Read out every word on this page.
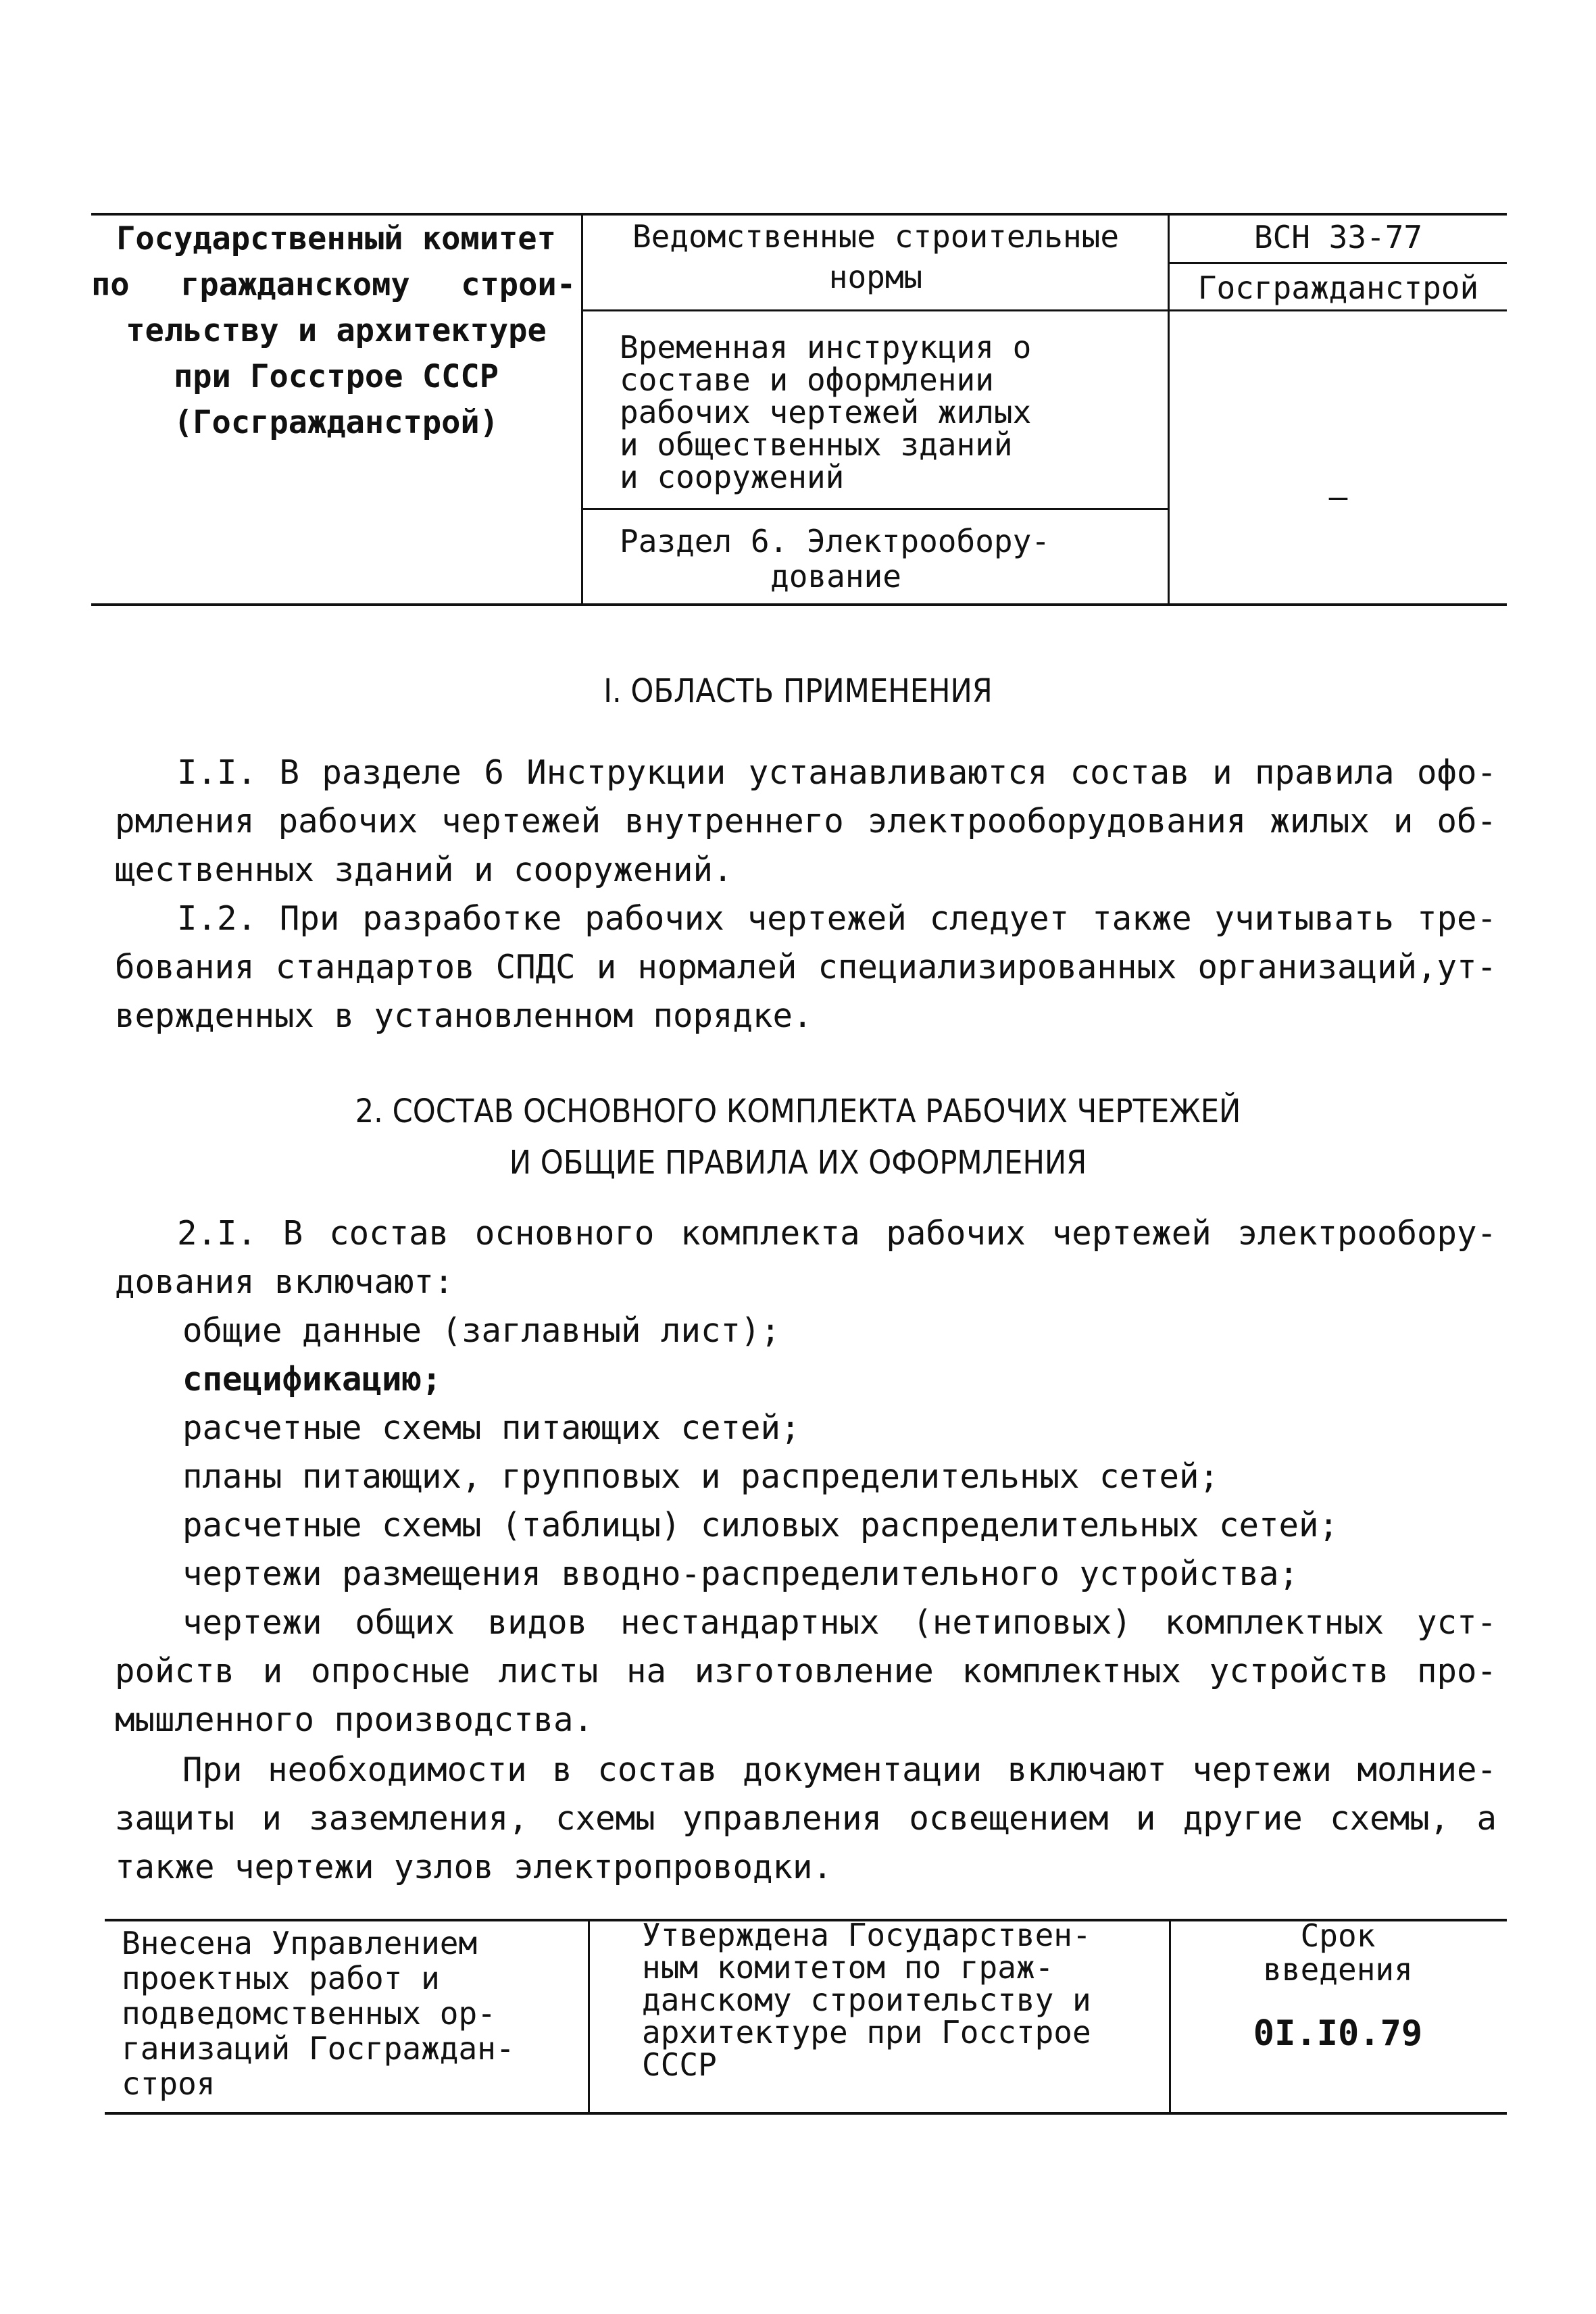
Государственный комитет
по гражданскому строи-
тельству и архитектуре
при Госстрое СССР
(Госгражданстрой)
Ведомственные строительные
нормы
ВСН 33-77
Госгражданстрой
Временная инструкция о
составе и оформлении
рабочих чертежей жилых
и общественных зданий
и сооружений
–
Раздел 6. Электрообору-
дование
I. ОБЛАСТЬ ПРИМЕНЕНИЯ
I.I. В разделе 6 Инструкции устанавливаются состав и правила офо-
рмления рабочих чертежей внутреннего электрооборудования жилых и об-
щественных зданий и сооружений.
I.2. При разработке рабочих чертежей следует также учитывать тре-
бования стандартов СПДС и нормалей специализированных организаций,ут-
вержденных в установленном порядке.
2. СОСТАВ ОСНОВНОГО КОМПЛЕКТА РАБОЧИХ ЧЕРТЕЖЕЙ
И ОБЩИЕ ПРАВИЛА ИХ ОФОРМЛЕНИЯ
2.I. В состав основного комплекта рабочих чертежей электрообору-
дования включают:
общие данные (заглавный лист);
спецификацию;
расчетные схемы питающих сетей;
планы питающих, групповых и распределительных сетей;
расчетные схемы (таблицы) силовых распределительных сетей;
чертежи размещения вводно-распределительного устройства;
чертежи общих видов нестандартных (нетиповых) комплектных уст-
ройств и опросные листы на изготовление комплектных устройств про-
мышленного производства.
При необходимости в состав документации включают чертежи молние-
защиты и заземления, схемы управления освещением и другие схемы, а
также чертежи узлов электропроводки.
Внесена Управлением
проектных работ и
подведомственных ор-
ганизаций Госграждан-
строя
Утверждена Государствен-
ным комитетом по граж-
данскому строительству и
архитектуре при Госстрое
СССР
Срок
введения
0I.I0.79
